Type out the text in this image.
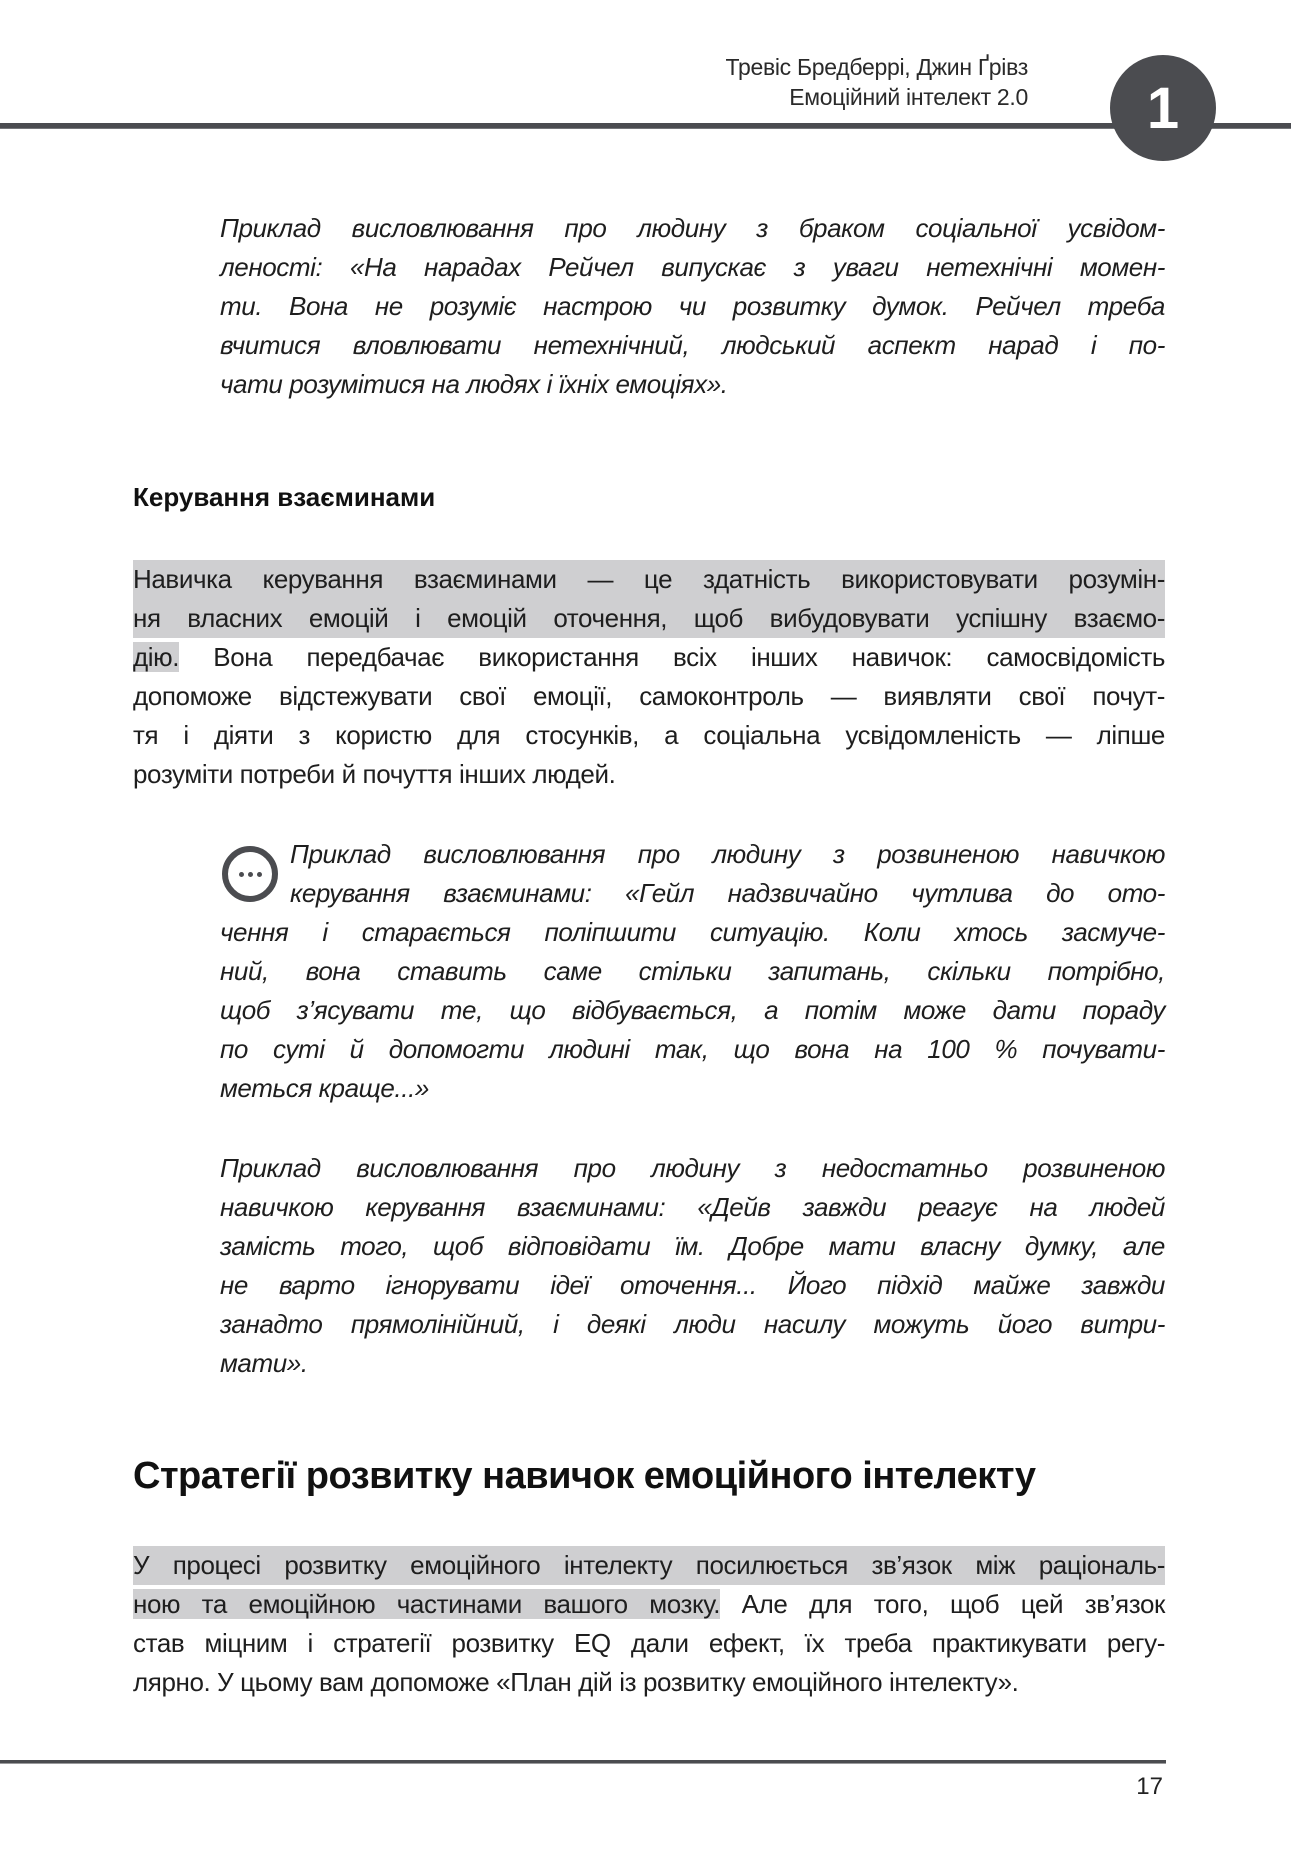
Тревіс Бредберрі, Джин Ґрівз
Емоційний інтелект 2.0 1
Приклад висловлювання про людину з браком соціальної усвідом-
леності: «На нарадах Рейчел випускає з уваги нетехнічні момен-
ти. Вона не розуміє настрою чи розвитку думок. Рейчел треба
вчитися вловлювати нетехнічний, людський аспект нарад і по-
чати розумітися на людях і їхніх емоціях».
Керування взаєминами
Навичка керування взаєминами — це здатність використовувати розумін-
ня власних емоцій і емоцій оточення, щоб вибудовувати успішну взаємо-
дію. Вона передбачає використання всіх інших навичок: самосвідомість
допоможе відстежувати свої емоції, самоконтроль — виявляти свої почут-
тя і діяти з користю для стосунків, а соціальна усвідомленість — ліпше
розуміти потреби й почуття інших людей.
Приклад висловлювання про людину з розвиненою навичкою
керування взаєминами: «Гейл надзвичайно чутлива до ото-
чення і старається поліпшити ситуацію. Коли хтось засмуче-
ний, вона ставить саме стільки запитань, скільки потрібно,
щоб з’ясувати те, що відбувається, а потім може дати пораду
по суті й допомогти людині так, що вона на 100 % почувати-
меться краще...»
Приклад висловлювання про людину з недостатньо розвиненою
навичкою керування взаєминами: «Дейв завжди реагує на людей
замість того, щоб відповідати їм. Добре мати власну думку, але
не варто ігнорувати ідеї оточення... Його підхід майже завжди
занадто прямолінійний, і деякі люди насилу можуть його витри-
мати».
Стратегії розвитку навичок емоційного інтелекту
У процесі розвитку емоційного інтелекту посилюється зв’язок між раціональ-
ною та емоційною частинами вашого мозку. Але для того, щоб цей зв’язок
став міцним і стратегії розвитку EQ дали ефект, їх треба практикувати регу-
лярно. У цьому вам допоможе «План дій із розвитку емоційного інтелекту».
17
